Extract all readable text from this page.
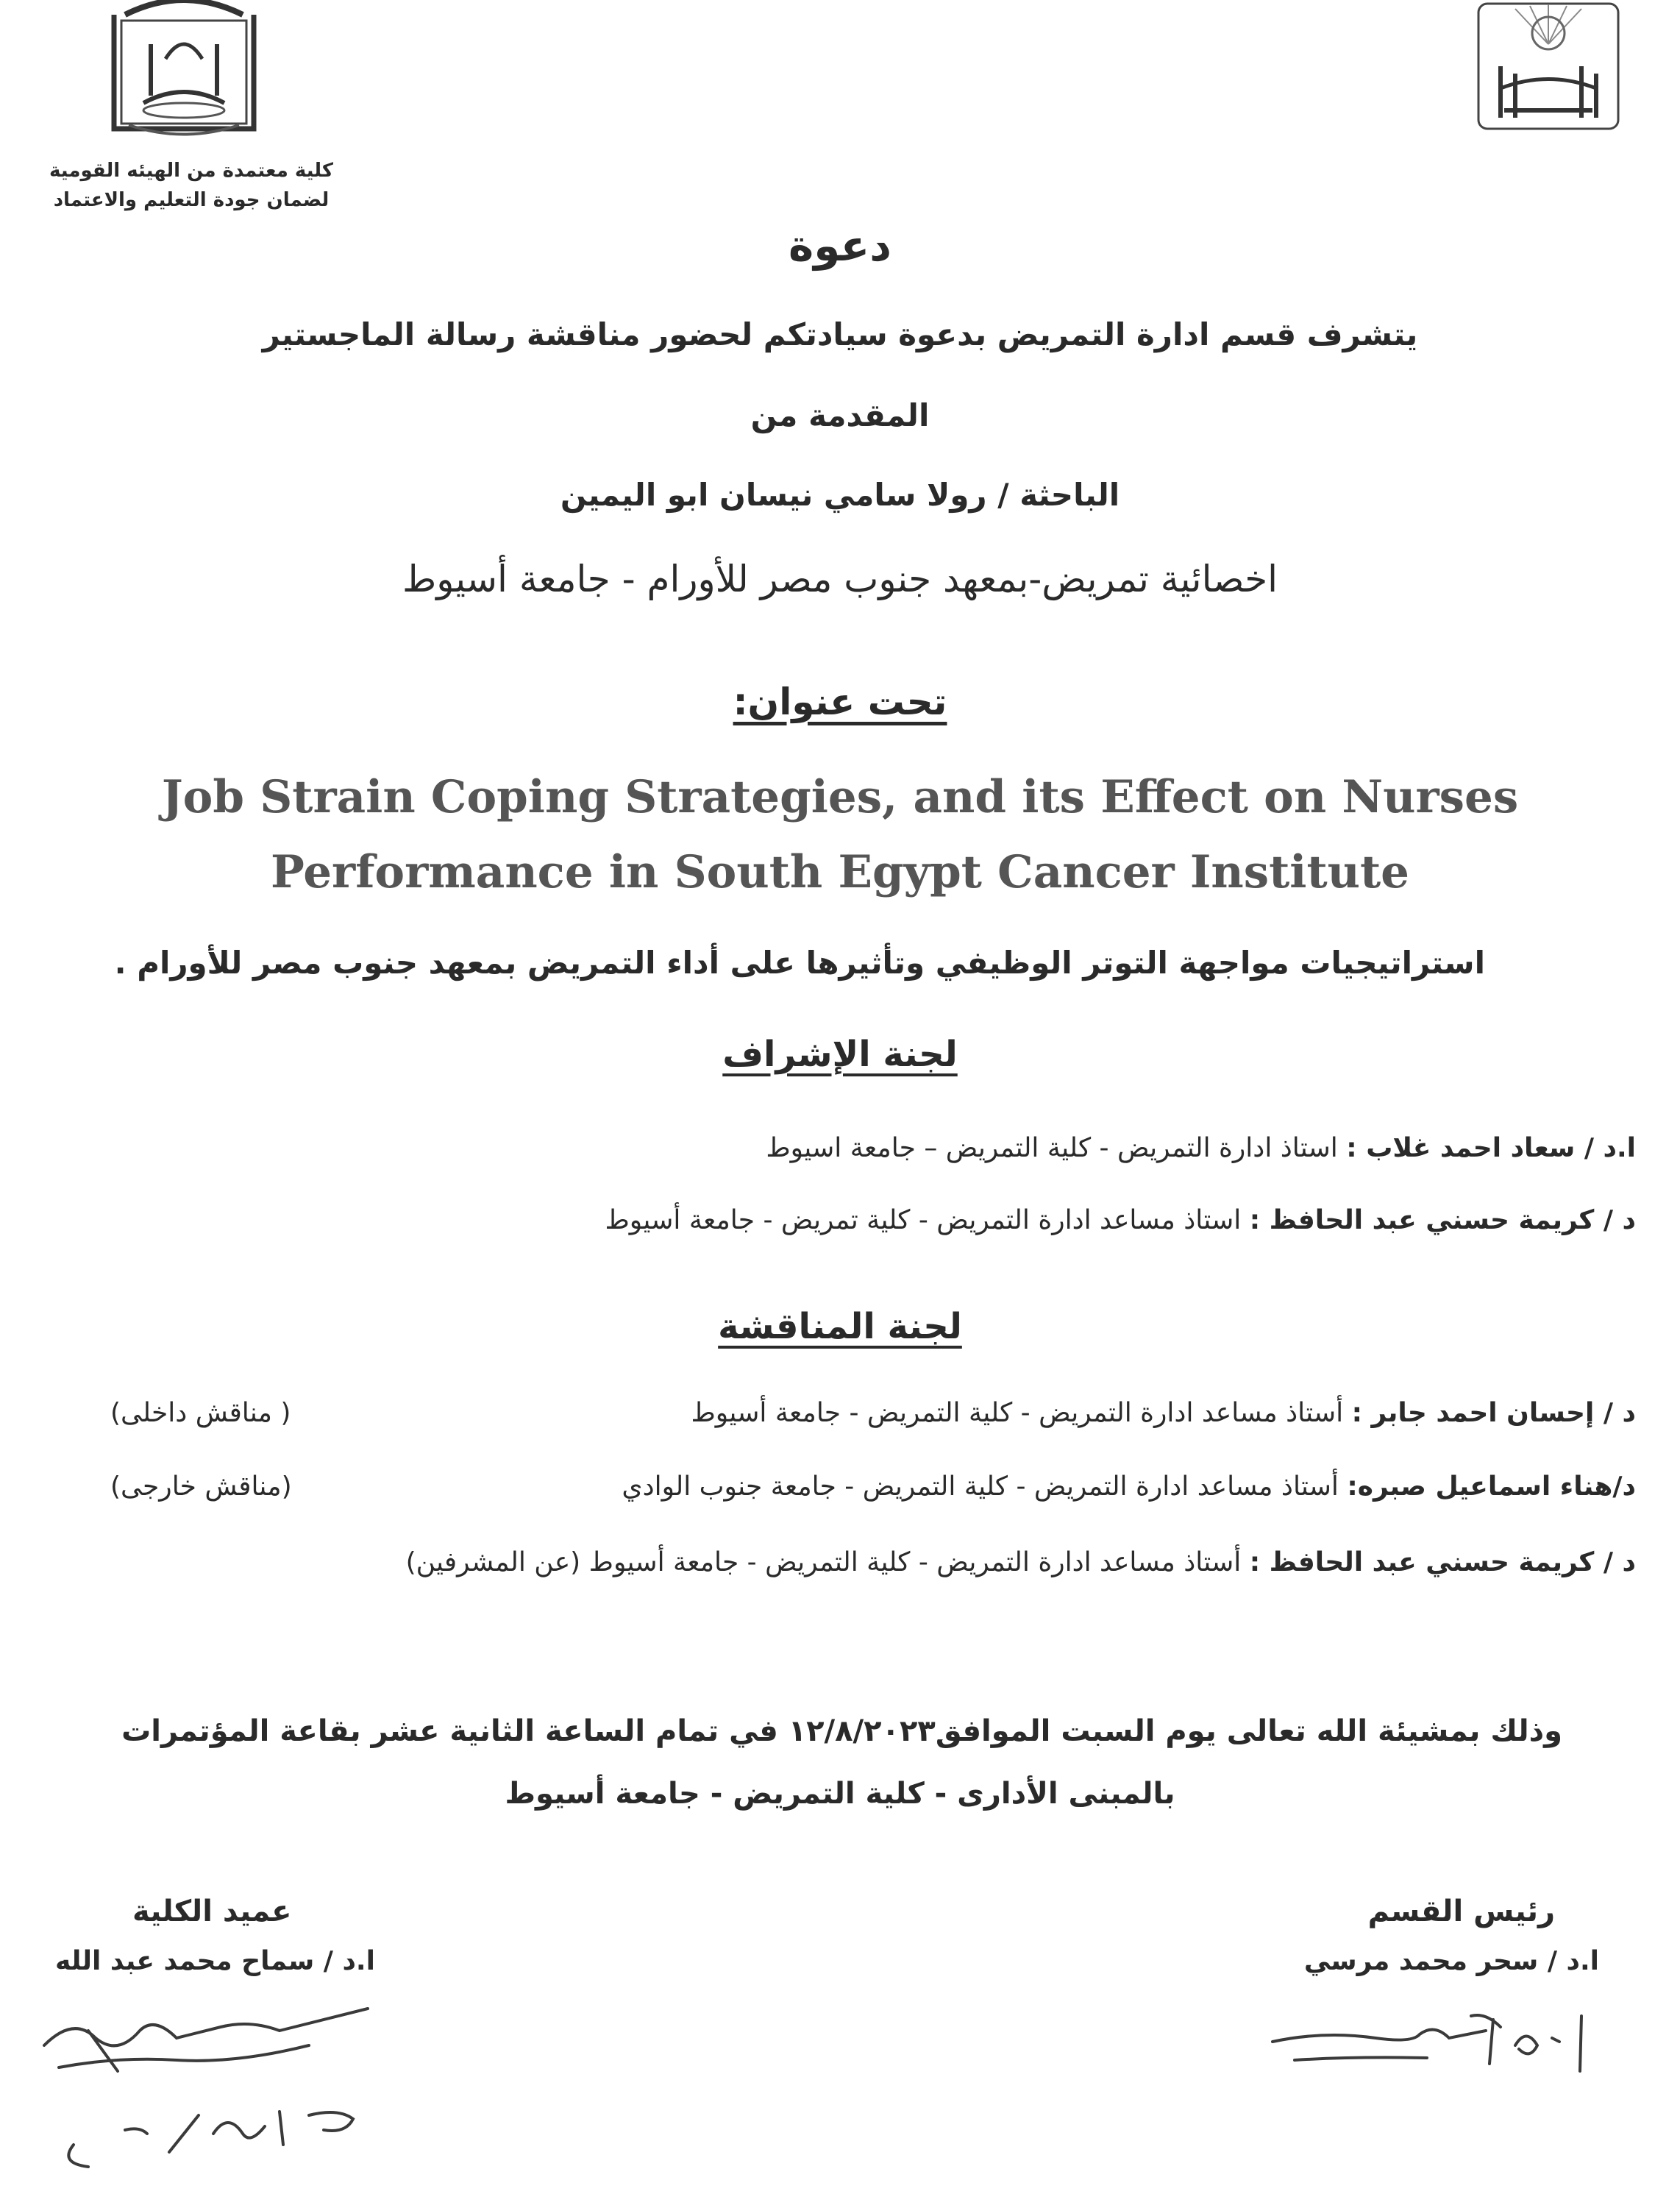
كلية معتمدة من الهيئه القومية
لضمان جودة التعليم والاعتماد
دعوة
يتشرف قسم ادارة التمريض بدعوة سيادتكم لحضور مناقشة رسالة الماجستير
المقدمة من
الباحثة / رولا سامي نيسان ابو اليمين
اخصائية تمريض-بمعهد جنوب مصر للأورام - جامعة أسيوط
تحت عنوان:
Job Strain Coping Strategies, and its Effect on Nurses
Performance in South Egypt Cancer Institute
استراتيجيات مواجهة التوتر الوظيفي وتأثيرها على أداء التمريض بمعهد جنوب مصر للأورام .
لجنة الإشراف
ا.د / سعاد احمد غلاب : استاذ ادارة التمريض - كلية التمريض – جامعة اسيوط
د / كريمة حسني عبد الحافظ : استاذ مساعد ادارة التمريض - كلية تمريض - جامعة أسيوط
لجنة المناقشة
د / إحسان احمد جابر : أستاذ مساعد ادارة التمريض - كلية التمريض - جامعة أسيوط
( مناقش داخلى)
د/هناء اسماعيل صبره: أستاذ مساعد ادارة التمريض - كلية التمريض - جامعة جنوب الوادي
(مناقش خارجى)
د / كريمة حسني عبد الحافظ : أستاذ مساعد ادارة التمريض - كلية التمريض - جامعة أسيوط (عن المشرفين)
وذلك بمشيئة الله تعالى يوم السبت الموافق١٢/٨/٢٠٢٣ في تمام الساعة الثانية عشر بقاعة المؤتمرات
بالمبنى الأدارى - كلية التمريض - جامعة أسيوط
رئيس القسم
ا.د / سحر محمد مرسي
عميد الكلية
ا.د / سماح محمد عبد الله
